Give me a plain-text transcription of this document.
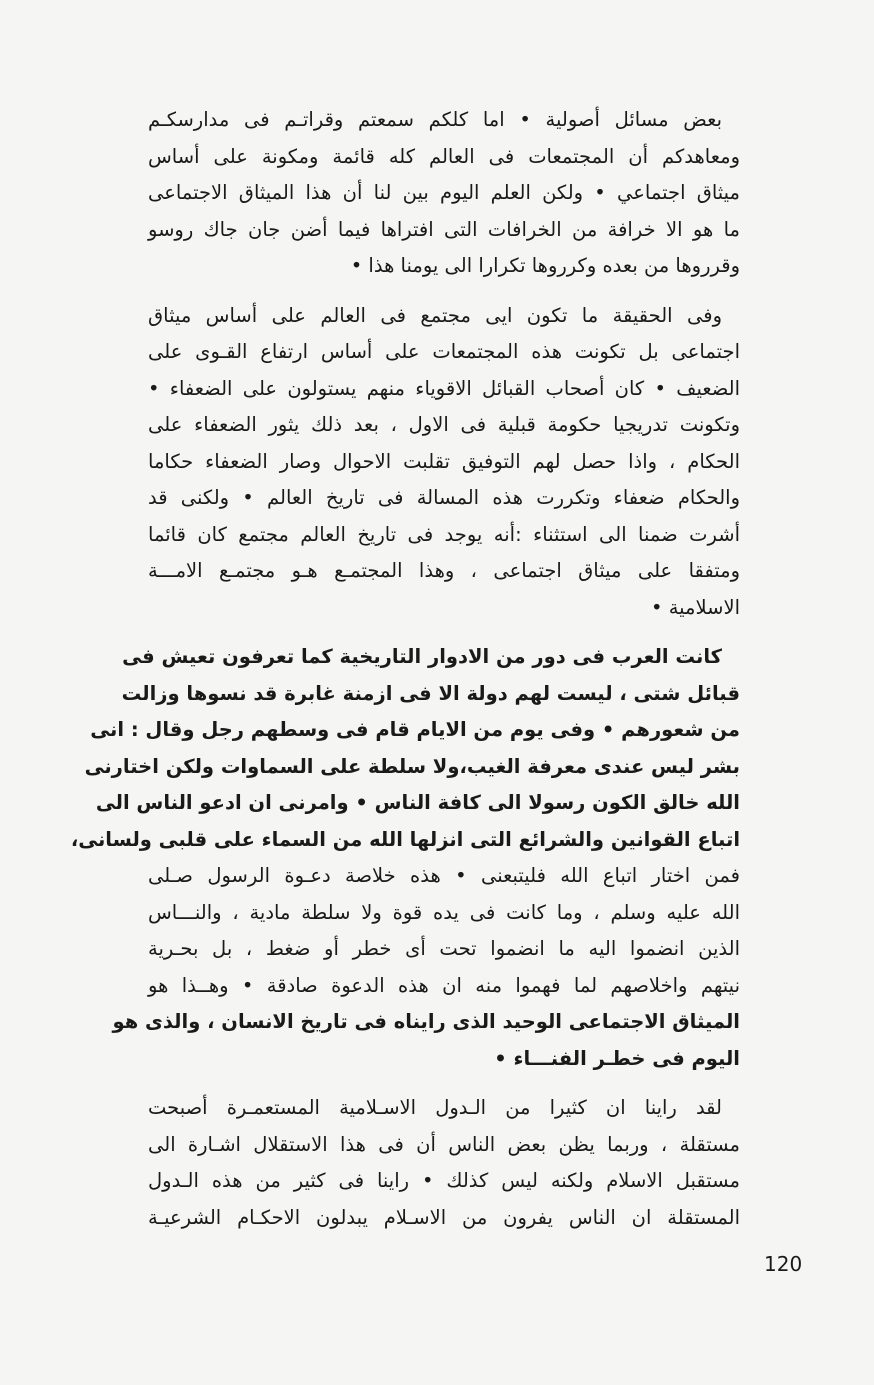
بعض مسائل أصولية • اما كلكم سمعتم وقراتـم فى مدارسكـم
ومعاهدكم أن المجتمعات فى العالم كله قائمة ومكونة على أساس
ميثاق اجتماعي • ولكن العلم اليوم بين لنا أن هذا الميثاق الاجتماعى
ما هو الا خرافة من الخرافات التى افتراها فيما أضن جان جاك روسو
وقرروها من بعده وكرروها تكرارا الى يومنا هذا •

وفى الحقيقة ما تكون ايى مجتمع فى العالم على أساس ميثاق
اجتماعى بل تكونت هذه المجتمعات على أساس ارتفاع القـوى على
الضعيف • كان أصحاب القبائل الاقوياء منهم يستولون على الضعفاء •
وتكونت تدريجيا حكومة قبلية فى الاول ، بعد ذلك يثور الضعفاء على
الحكام ، واذا حصل لهم التوفيق تقلبت الاحوال وصار الضعفاء حكاما
والحكام ضعفاء وتكررت هذه المسالة فى تاريخ العالم • ولكنى قد
أشرت ضمنا الى استثناء :أنه يوجد فى تاريخ العالم مجتمع كان قائما
ومتفقا على ميثاق اجتماعى ، وهذا المجتمـع هـو مجتمـع الامـــة
الاسلامية •

كانت العرب فى دور من الادوار التاريخية كما تعرفون تعيش فى
قبائل شتى ، ليست لهم دولة الا فى ازمنة غابرة قد نسوها وزالت
من شعورهم • وفى يوم من الايام قام فى وسطهم رجل وقال : انى
بشر ليس عندى معرفة الغيب،ولا سلطة على السماوات ولكن اختارنى
الله خالق الكون رسولا الى كافة الناس • وامرنى ان ادعو الناس الى
اتباع القوانين والشرائع التى انزلها الله من السماء على قلبى ولسانى،
فمن اختار اتباع الله فليتبعنى • هذه خلاصة دعـوة الرسول صـلى
الله عليه وسلم ، وما كانت فى يده قوة ولا سلطة مادية ، والنـــاس
الذين انضموا اليه ما انضموا تحت أى خطر أو ضغط ، بل بحـرية
نيتهم واخلاصهم لما فهموا منه ان هذه الدعوة صادقة • وهــذا هو
الميثاق الاجتماعى الوحيد الذى رايناه فى تاريخ الانسان ، والذى هو
اليوم فى خطـر الفنـــاء •

لقد راينا ان كثيرا من الـدول الاسـلامية المستعمـرة أصبحت
مستقلة ، وربما يظن بعض الناس أن فى هذا الاستقلال اشـارة الى
مستقبل الاسلام ولكنه ليس كذلك • راينا فى كثير من هذه الـدول
المستقلة ان الناس يفرون من الاسـلام يبدلون الاحكـام الشرعيـة

120
